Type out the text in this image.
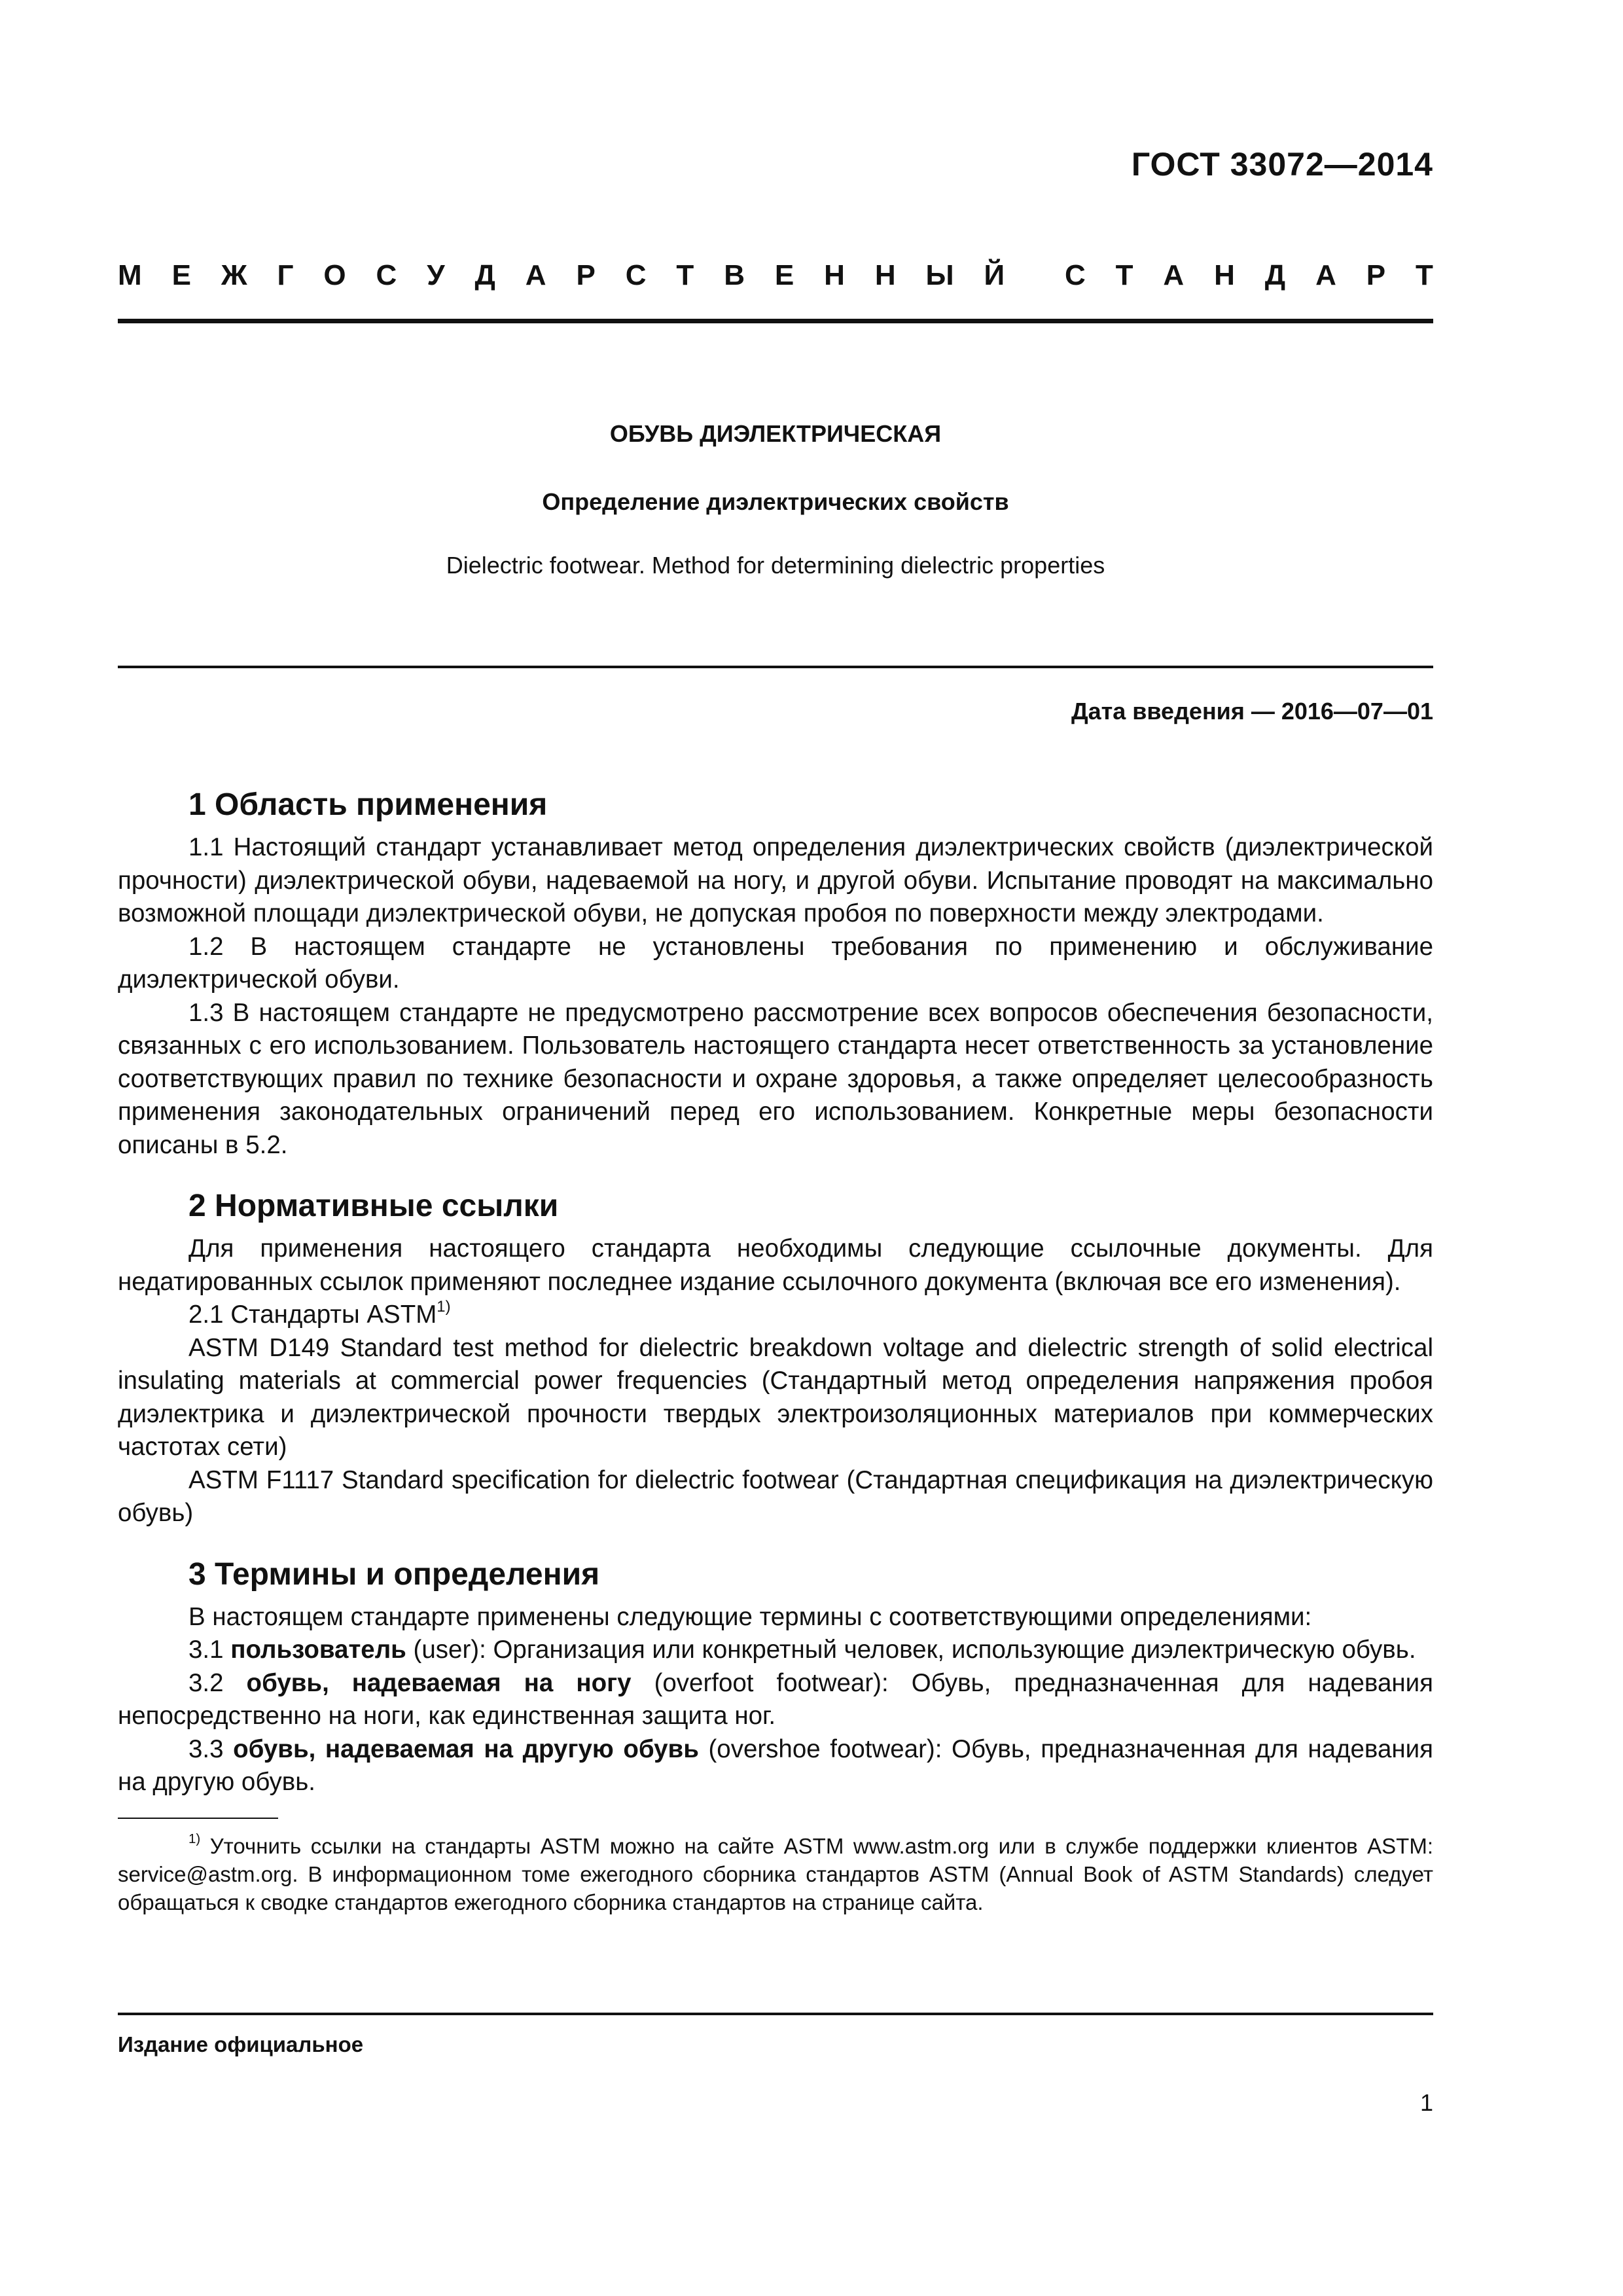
ГОСТ 33072—2014
М Е Ж Г О С У Д А Р С Т В Е Н Н Ы Й С Т А Н Д А Р Т
ОБУВЬ ДИЭЛЕКТРИЧЕСКАЯ
Определение диэлектрических свойств
Dielectric footwear. Method for determining dielectric properties
Дата введения — 2016—07—01
1 Область применения

1.1 Настоящий стандарт устанавливает метод определения диэлектрических свойств (диэлектрической прочности) диэлектрической обуви, надеваемой на ногу, и другой обуви. Испытание проводят на максимально возможной площади диэлектрической обуви, не допуская пробоя по поверхности между электродами.

1.2 В настоящем стандарте не установлены требования по применению и обслуживание диэлектрической обуви.

1.3 В настоящем стандарте не предусмотрено рассмотрение всех вопросов обеспечения безопасности, связанных с его использованием. Пользователь настоящего стандарта несет ответственность за установление соответствующих правил по технике безопасности и охране здоровья, а также определяет целесообразность применения законодательных ограничений перед его использованием. Конкретные меры безопасности описаны в 5.2.

2 Нормативные ссылки

Для применения настоящего стандарта необходимы следующие ссылочные документы. Для недатированных ссылок применяют последнее издание ссылочного документа (включая все его изменения).

2.1 Стандарты ASTM$^{1)}$

ASTM D149 Standard test method for dielectric breakdown voltage and dielectric strength of solid electrical insulating materials at commercial power frequencies (Стандартный метод определения напряжения пробоя диэлектрика и диэлектрической прочности твердых электроизоляционных материалов при коммерческих частотах сети)

ASTM F1117 Standard specification for dielectric footwear (Стандартная спецификация на диэлектрическую обувь)

3 Термины и определения

В настоящем стандарте применены следующие термины с соответствующими определениями:

3.1 пользователь (user): Организация или конкретный человек, использующие диэлектрическую обувь.

3.2 обувь, надеваемая на ногу (overfoot footwear): Обувь, предназначенная для надевания непосредственно на ноги, как единственная защита ног.

3.3 обувь, надеваемая на другую обувь (overshoe footwear): Обувь, предназначенная для надевания на другую обувь.

$^{1)}$ Уточнить ссылки на стандарты ASTM можно на сайте ASTM www.astm.org или в службе поддержки клиентов ASTM: service@astm.org. В информационном томе ежегодного сборника стандартов ASTM (Annual Book of ASTM Standards) следует обращаться к сводке стандартов ежегодного сборника стандартов на странице сайта.

Издание официальное
1
